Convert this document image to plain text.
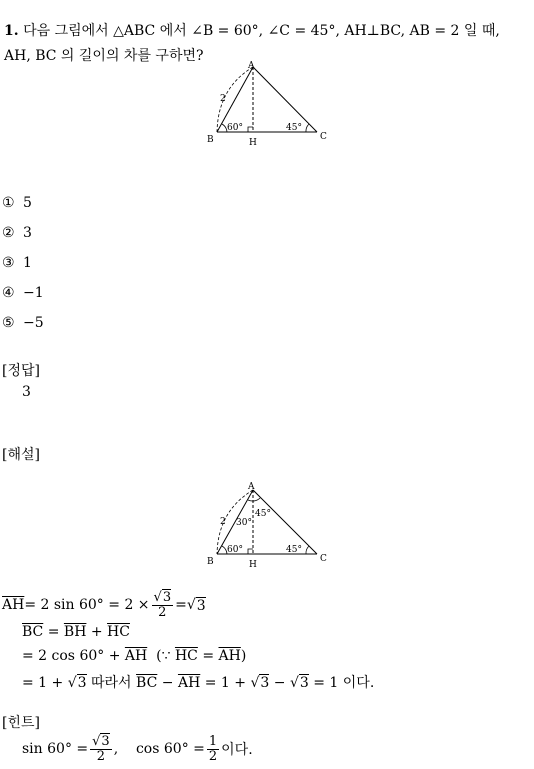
1. 다음 그림에서 △ABC 에서 ∠B = 60°, ∠C = 45°, AH⊥BC, AB = 2 일 때,
AH, BC 의 길이의 차를 구하면?
A
B	C
H
2
60°	45°
① 5
② 3
③ 1
④ −1
⑤ −5
[정답]
3
[해설]
A
B	C
H
2
60°	45°
30°
45°
$\overline{AH} = 2$ $\sin 60^\circ = 2 \times \frac{√3}{2}$ = √ 3
$\overline{BC} = \overline{BH} + \overline{HC}$
= 2 $\cos 60^\circ + \overline{AH}$  (∵ $\overline{HC} = \overline{AH}$)
= 1 + √3 따라서 $\overline{BC} - \overline{AH} = 1 + √3 - √3 = 1$ 이다.
[힌트]
$\sin 60^\circ = \frac{√3}{2}$ , $\cos 60^\circ = \frac{1}{2}$ 이다.
